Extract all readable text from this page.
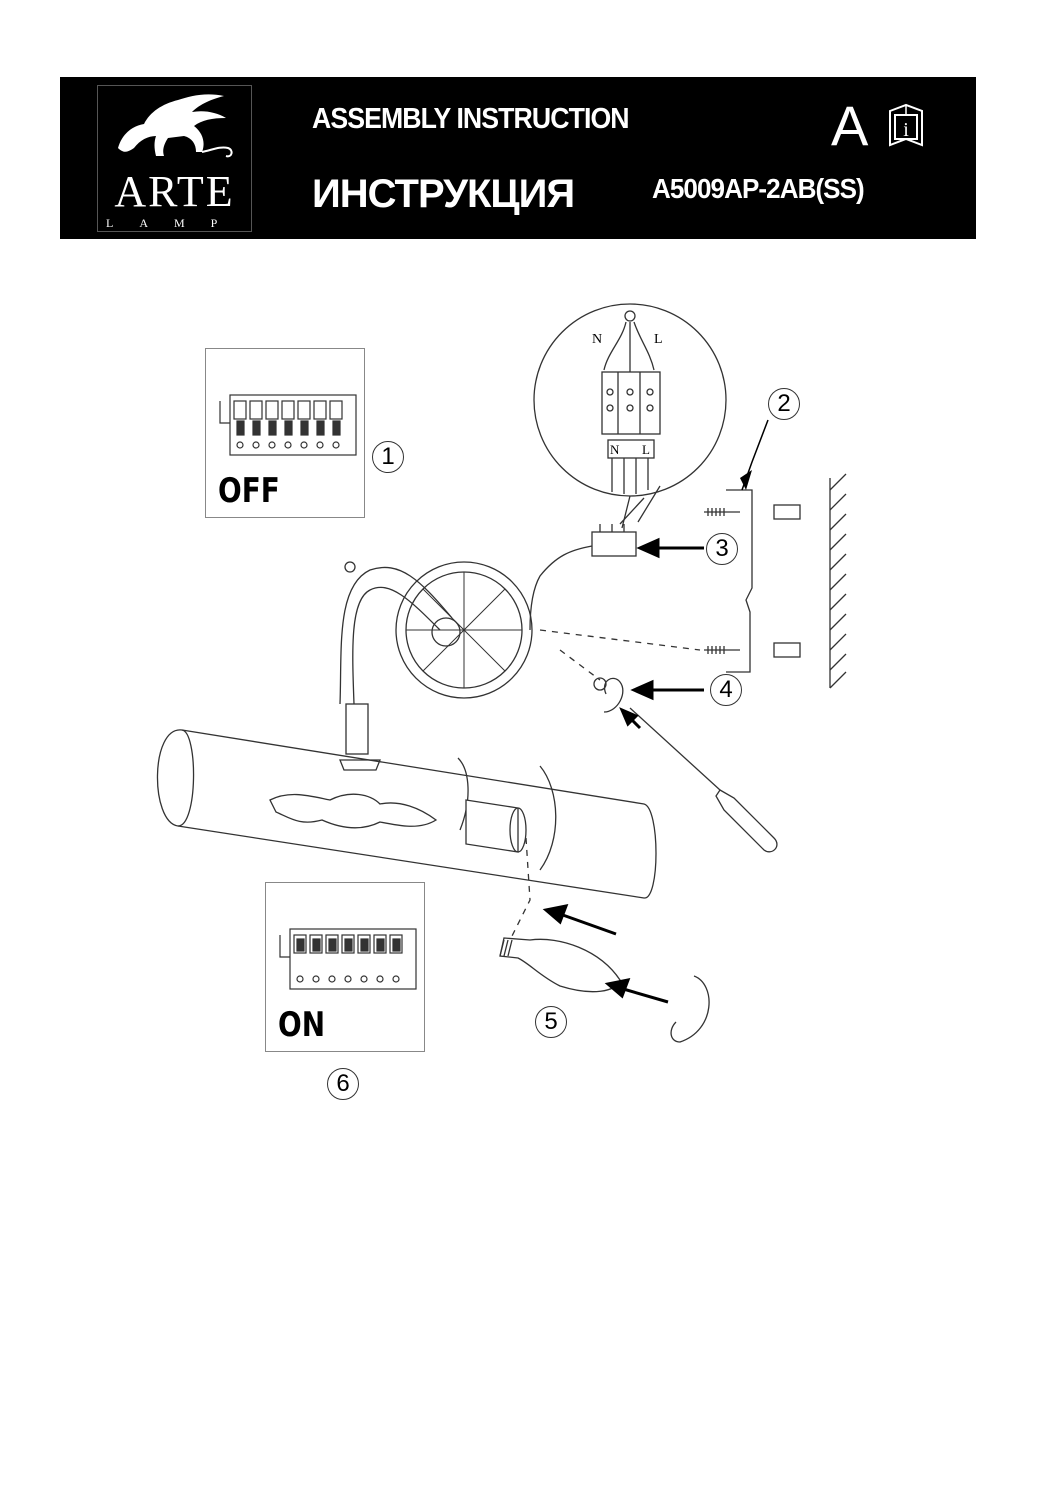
ARTE
LAMP
ASSEMBLY INSTRUCTION
ИНСТРУКЦИЯ
A i
A5009AP-2AB(SS)
N	L
N L
OFF
ON
1
2
3
4
5
6
